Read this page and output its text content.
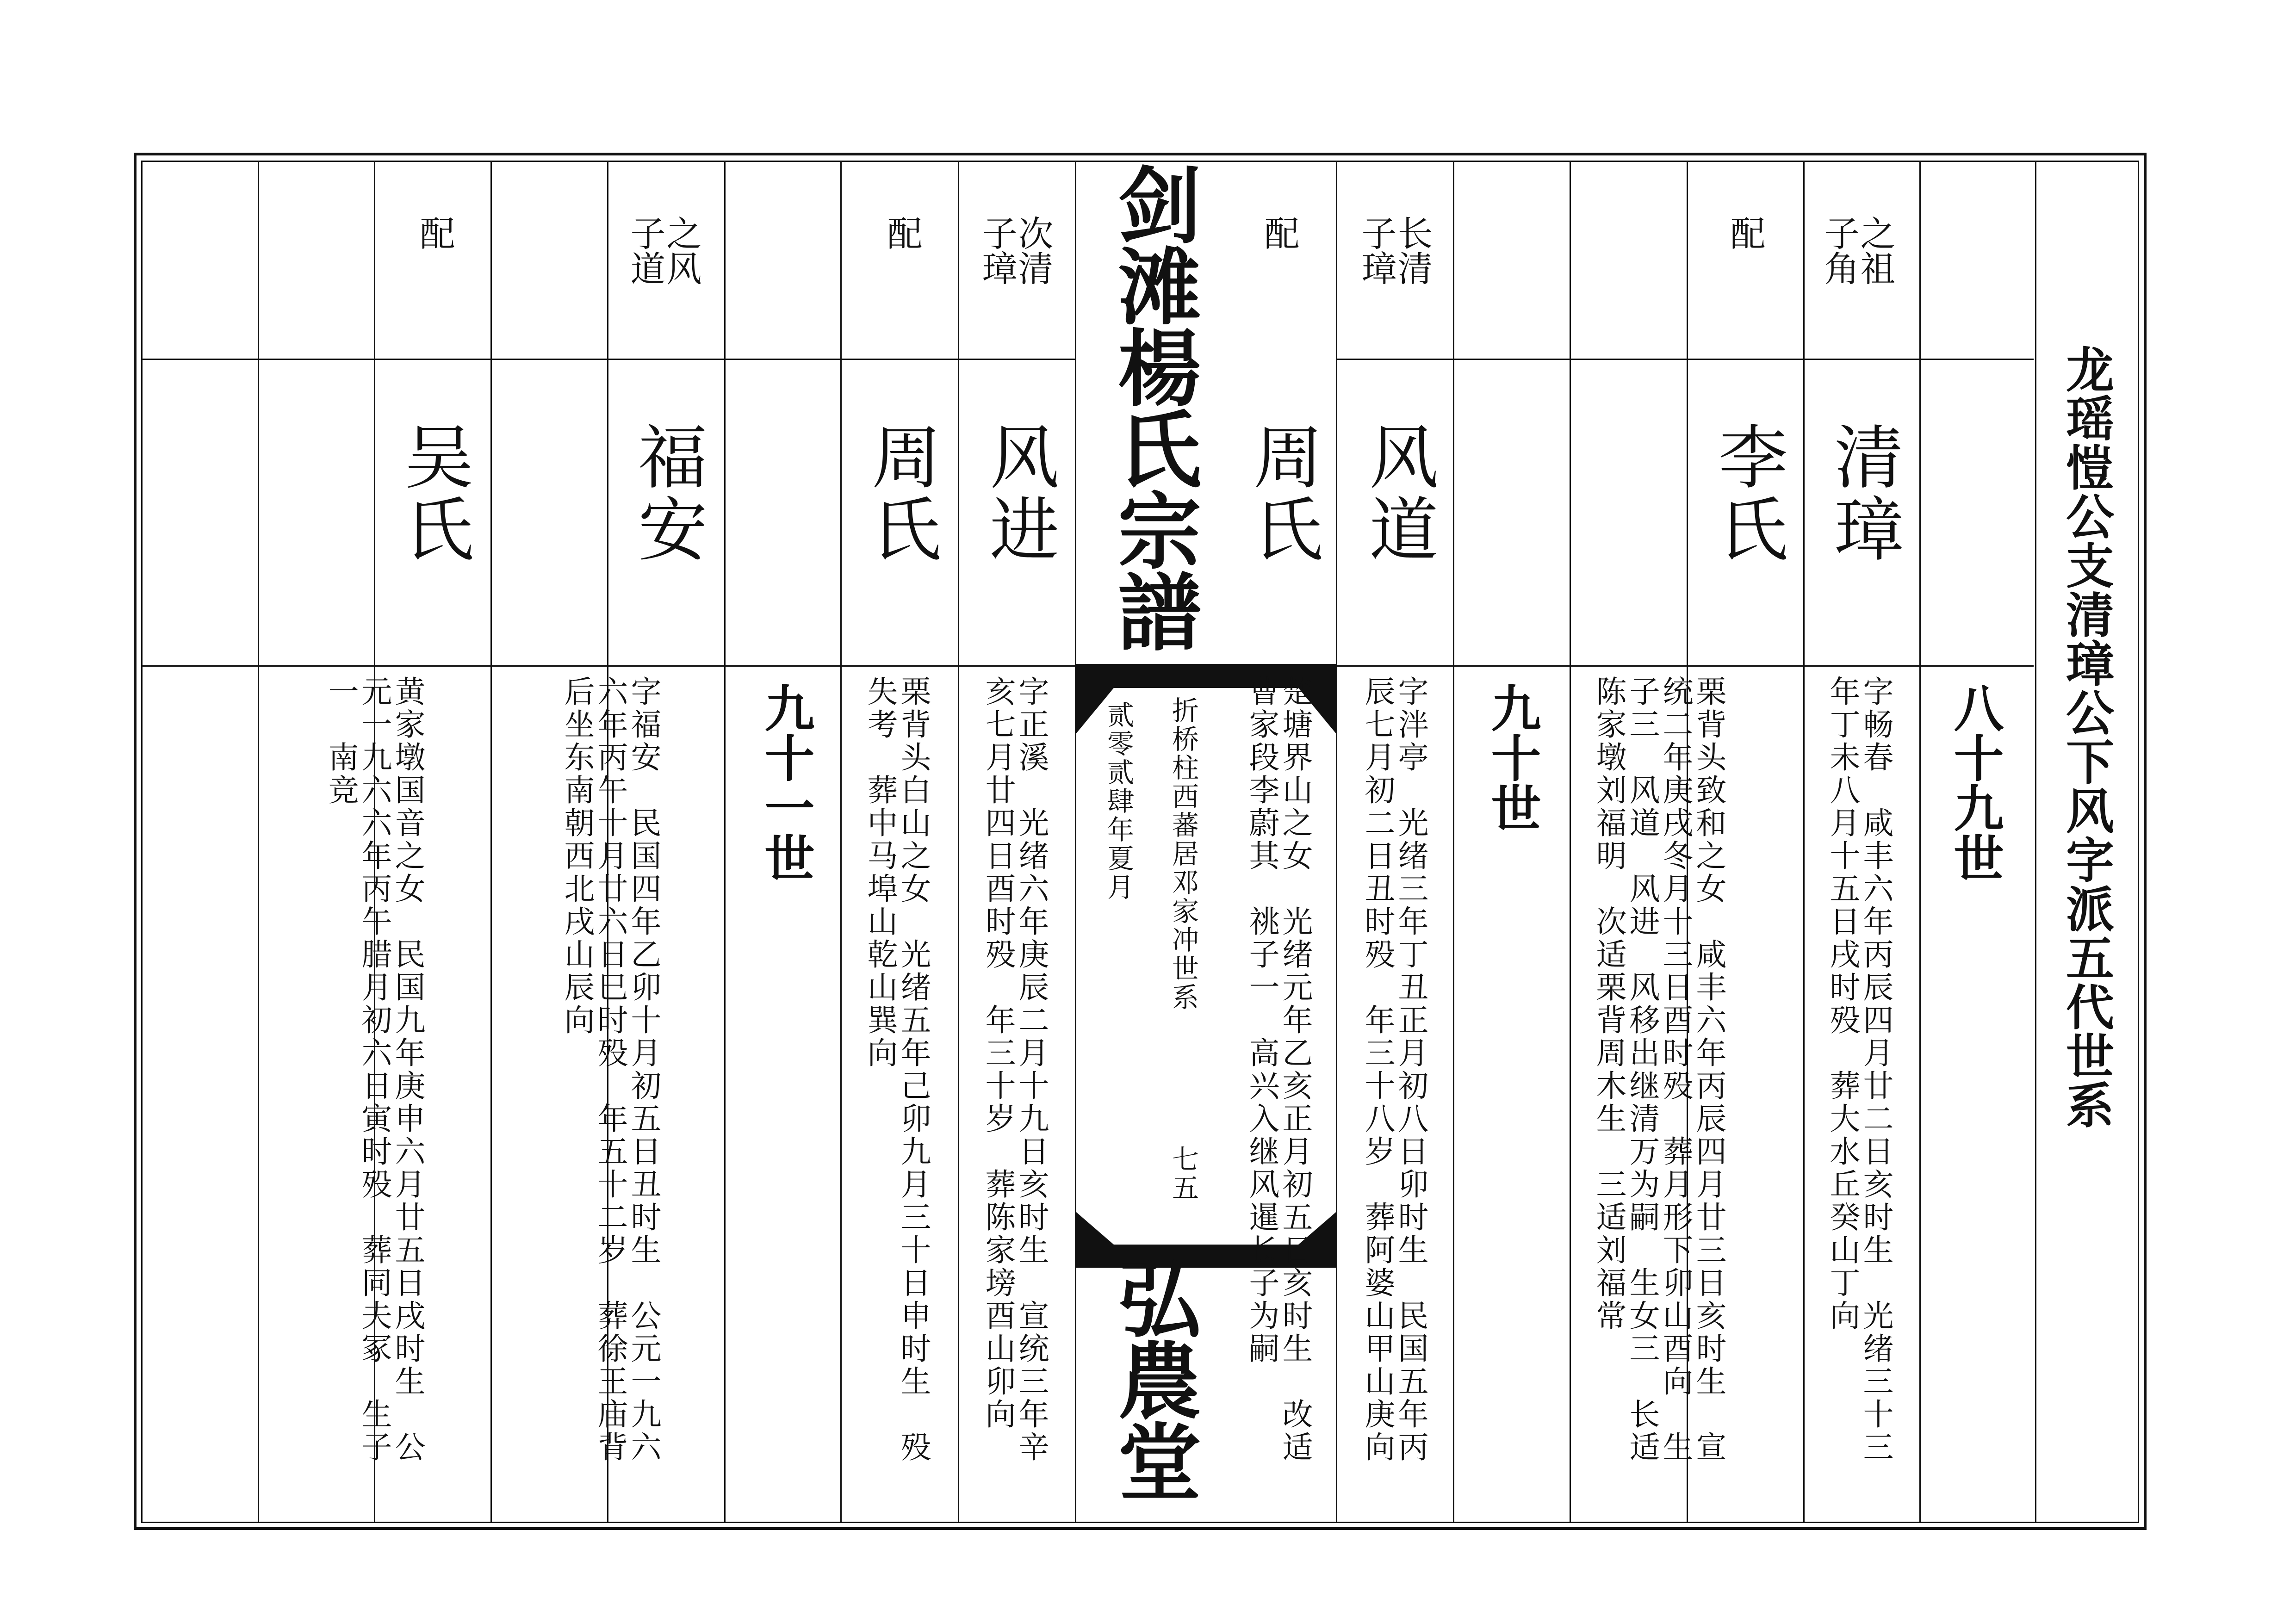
龙瑶愷公支清璋公下风字派五代世系
剑滩楊氏宗譜
折桥柱西蕃居邓家冲世系
贰零贰肆年夏月
七五
弘農堂
八十九世
九十世
九十一世
之祖
子角
清璋
字畅春　咸丰六年丙辰四月廿二日亥时生　光绪三十三
年丁未八月十五日戌时殁　葬大水丘癸山丁向
配
李氏
栗背头致和之女　咸丰六年丙辰四月廿三日亥时生　宣
统二年庚戌冬月十三日酉时殁　葬月形下卯山酉向　生
子三　风道　风进　风移出继清万为嗣　生女三　长适
陈家墩刘福明　次适栗背周木生　三适刘福常
长清
子璋
风道
字泮亭　光绪三年丁丑正月初八日卯时生　民国五年丙
辰七月初二日丑时殁　年三十八岁　葬阿婆山甲山庚向
配
周氏
楚塘界山之女　光绪元年乙亥正月初五日亥时生　改适
曹家段李蔚其　祧子一　高兴入继风暹长子为嗣
次清
子璋
风进
字正溪　光绪六年庚辰二月十九日亥时生　宣统三年辛
亥七月廿四日酉时殁　年三十岁　葬陈家塝酉山卯向
配
周氏
栗背头白山之女　光绪五年己卯九月三十日申时生　殁
失考　葬中马埠山乾山巽向
之风
子道
福安
字福安　民国四年乙卯十月初五日丑时生　公元一九六
六年丙午十月廿六日巳时殁　年五十二岁　葬徐王庙背
后坐东南朝西北戌山辰向
配
吴氏
黄家墩国音之女　民国九年庚申六月廿五日戌时生　公
元一九六六年丙午腊月初六日寅时殁　葬同夫冢　生子
一　南竞
